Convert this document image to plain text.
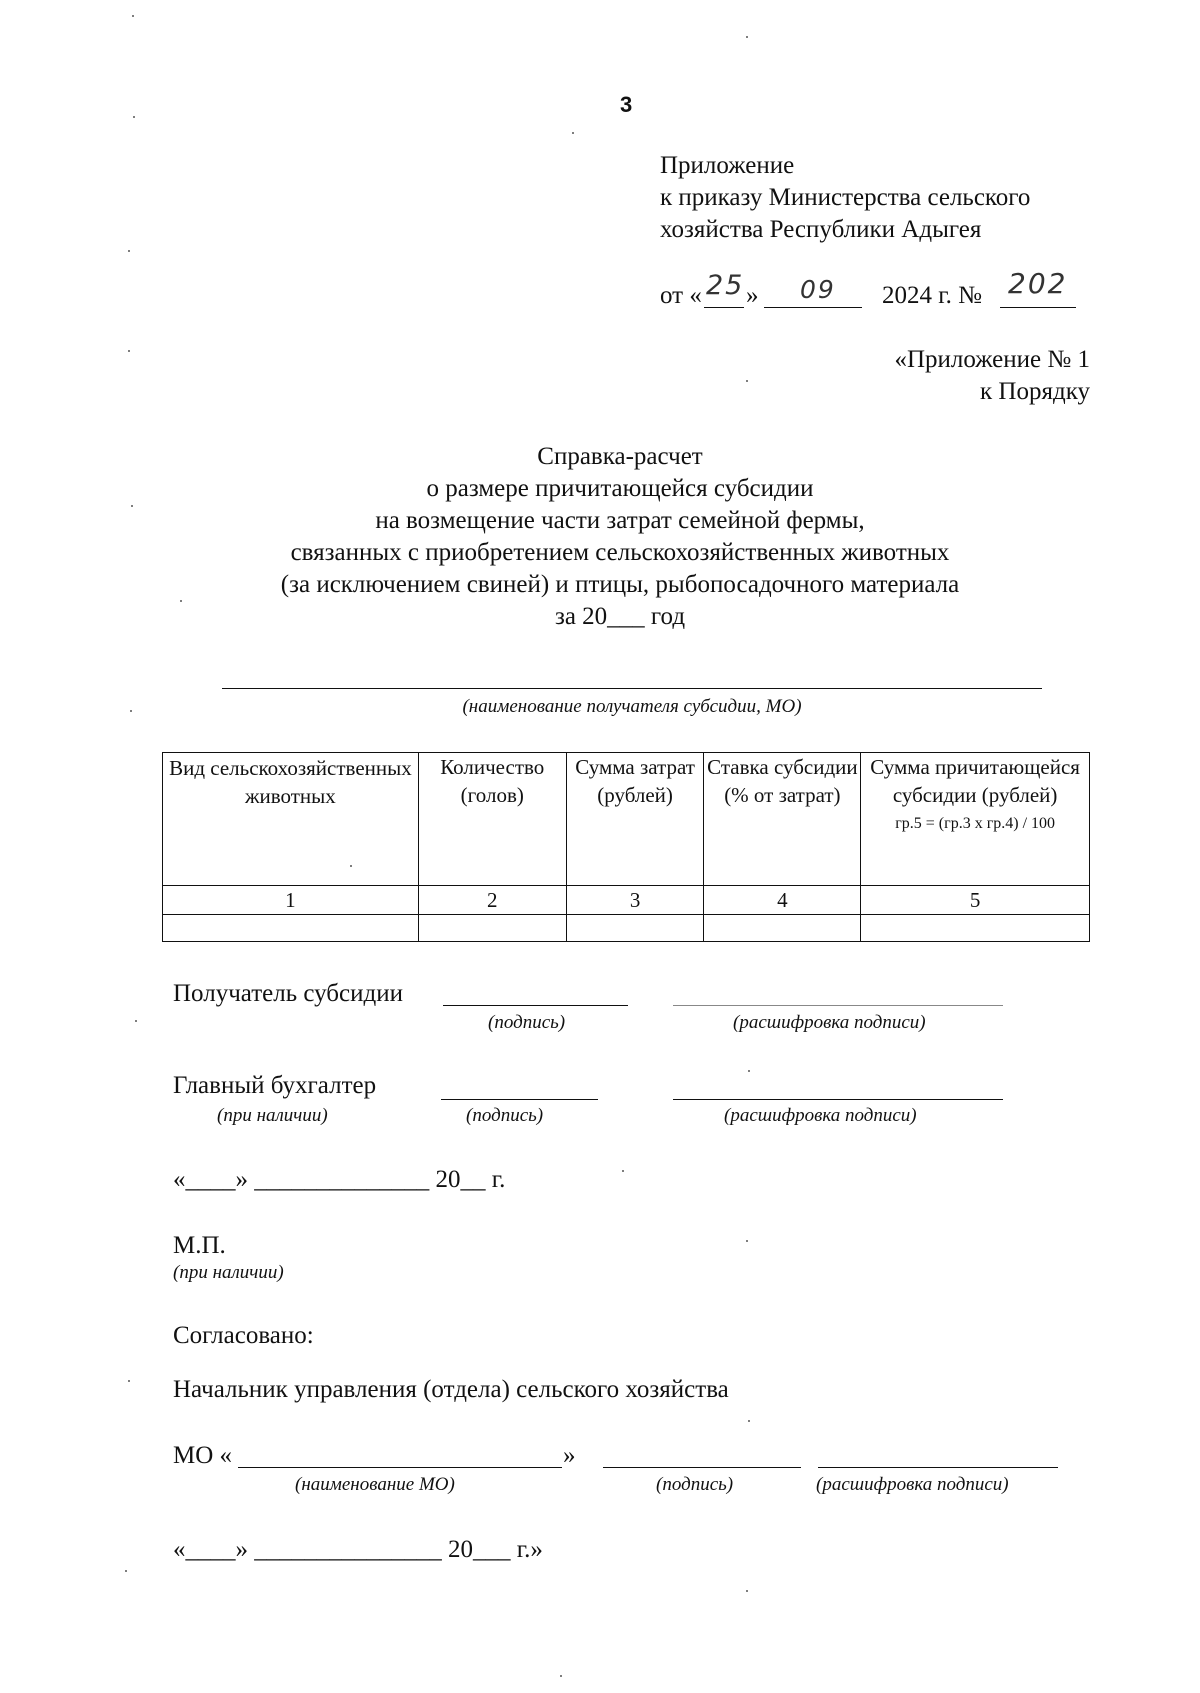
3
Приложение
к приказу Министерства сельского
хозяйства Республики Адыгея
от « 25 » 09 2024 г. № 202
«Приложение № 1
к Порядку
Справка-расчет
о размере причитающейся субсидии
на возмещение части затрат семейной фермы,
связанных с приобретением сельскохозяйственных животных
(за исключением свиней) и птицы, рыбопосадочного материала
за 20___ год
(наименование получателя субсидии, МО)
Вид сельскохозяйственных животных	Количество (голов)	Сумма затрат (рублей)	Ставка субсидии (% от затрат)	Сумма причитающейся субсидии (рублей)
гр.5 = (гр.3 х гр.4) / 100

1	2	3	4	5

Получатель субсидии
(подпись)	(расшифровка подписи)
Главный бухгалтер
(при наличии)	(подпись)	(расшифровка подписи)
«____» ______________ 20__ г.
М.П.
(при наличии)
Согласовано:
Начальник управления (отдела) сельского хозяйства
МО «	»
(наименование МО)	(подпись)	(расшифровка подписи)
«____» _______________ 20___ г.»
